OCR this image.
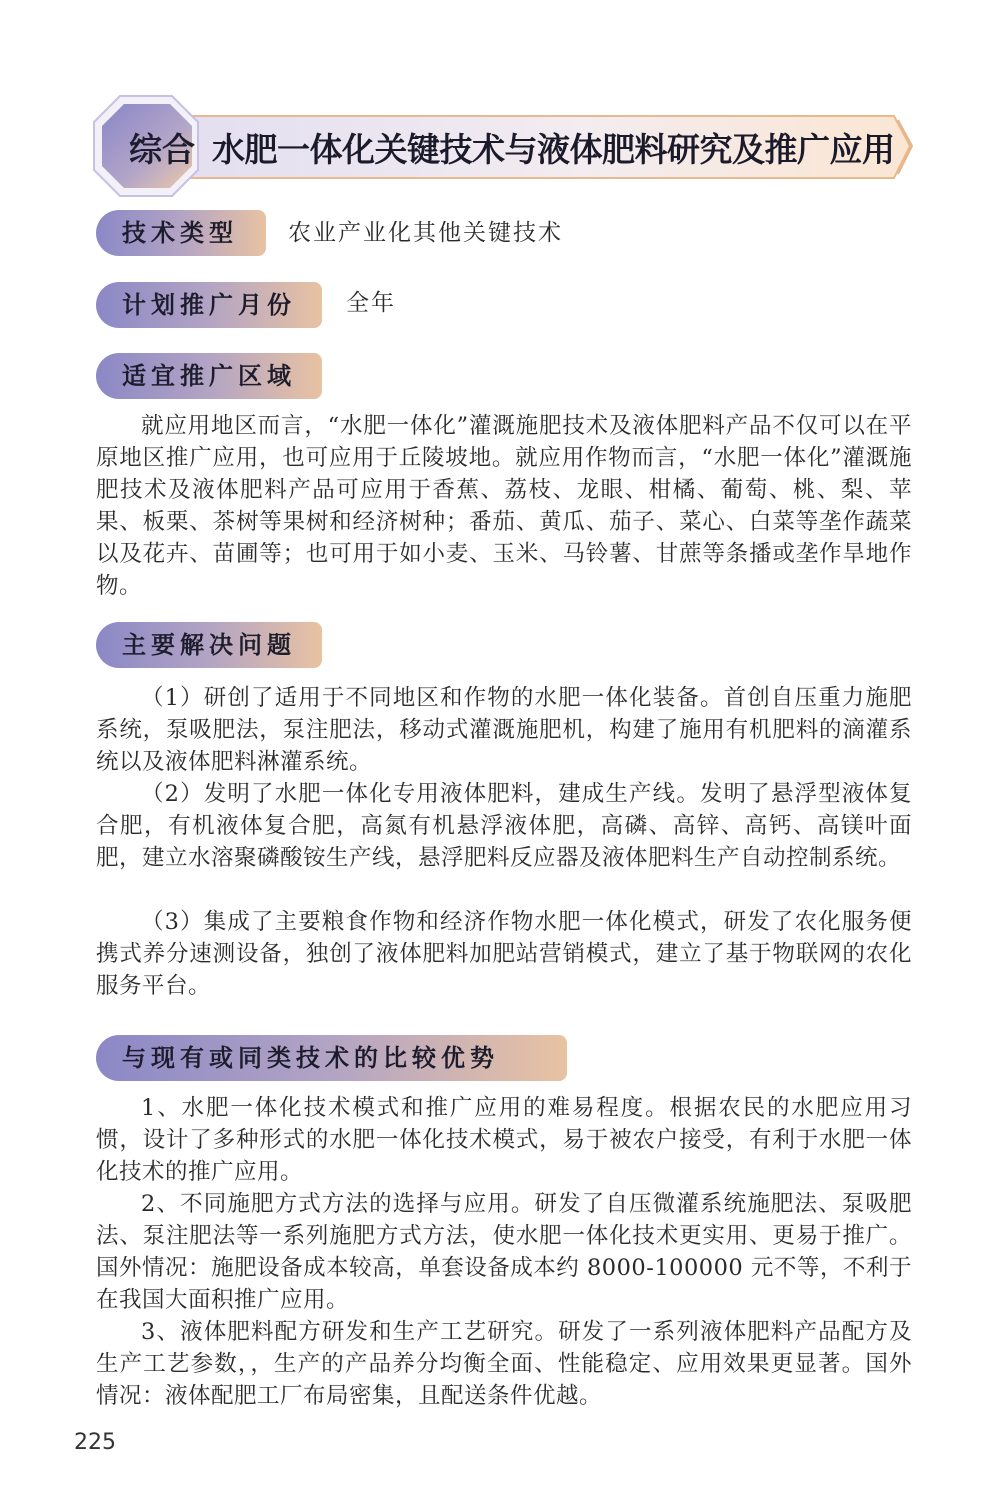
综合 水肥一体化关键技术与液体肥料研究及推广应用
技术类型	农业产业化其他关键技术
计划推广月份	全年
适宜推广区域

就应用地区而言，“水肥一体化”灌溉施肥技术及液体肥料产品不仅可以在平原地区推广应用，也可应用于丘陵坡地。就应用作物而言，“水肥一体化”灌溉施肥技术及液体肥料产品可应用于香蕉、荔枝、龙眼、柑橘、葡萄、桃、梨、苹果、板栗、茶树等果树和经济树种；番茄、黄瓜、茄子、菜心、白菜等垄作蔬菜以及花卉、苗圃等；也可用于如小麦、玉米、马铃薯、甘蔗等条播或垄作旱地作物。

主要解决问题

（1）研创了适用于不同地区和作物的水肥一体化装备。首创自压重力施肥系统，泵吸肥法，泵注肥法，移动式灌溉施肥机，构建了施用有机肥料的滴灌系统以及液体肥料淋灌系统。

（2）发明了水肥一体化专用液体肥料，建成生产线。发明了悬浮型液体复合肥，有机液体复合肥，高氮有机悬浮液体肥，高磷、高锌、高钙、高镁叶面肥，建立水溶聚磷酸铵生产线，悬浮肥料反应器及液体肥料生产自动控制系统。

（3）集成了主要粮食作物和经济作物水肥一体化模式，研发了农化服务便携式养分速测设备，独创了液体肥料加肥站营销模式，建立了基于物联网的农化服务平台。

与现有或同类技术的比较优势

1、水肥一体化技术模式和推广应用的难易程度。根据农民的水肥应用习惯，设计了多种形式的水肥一体化技术模式，易于被农户接受，有利于水肥一体化技术的推广应用。

2、不同施肥方式方法的选择与应用。研发了自压微灌系统施肥法、泵吸肥法、泵注肥法等一系列施肥方式方法，使水肥一体化技术更实用、更易于推广。国外情况：施肥设备成本较高，单套设备成本约 8000-100000 元不等，不利于在我国大面积推广应用。

3、液体肥料配方研发和生产工艺研究。研发了一系列液体肥料产品配方及生产工艺参数，，生产的产品养分均衡全面、性能稳定、应用效果更显著。国外情况：液体配肥工厂布局密集，且配送条件优越。

225
